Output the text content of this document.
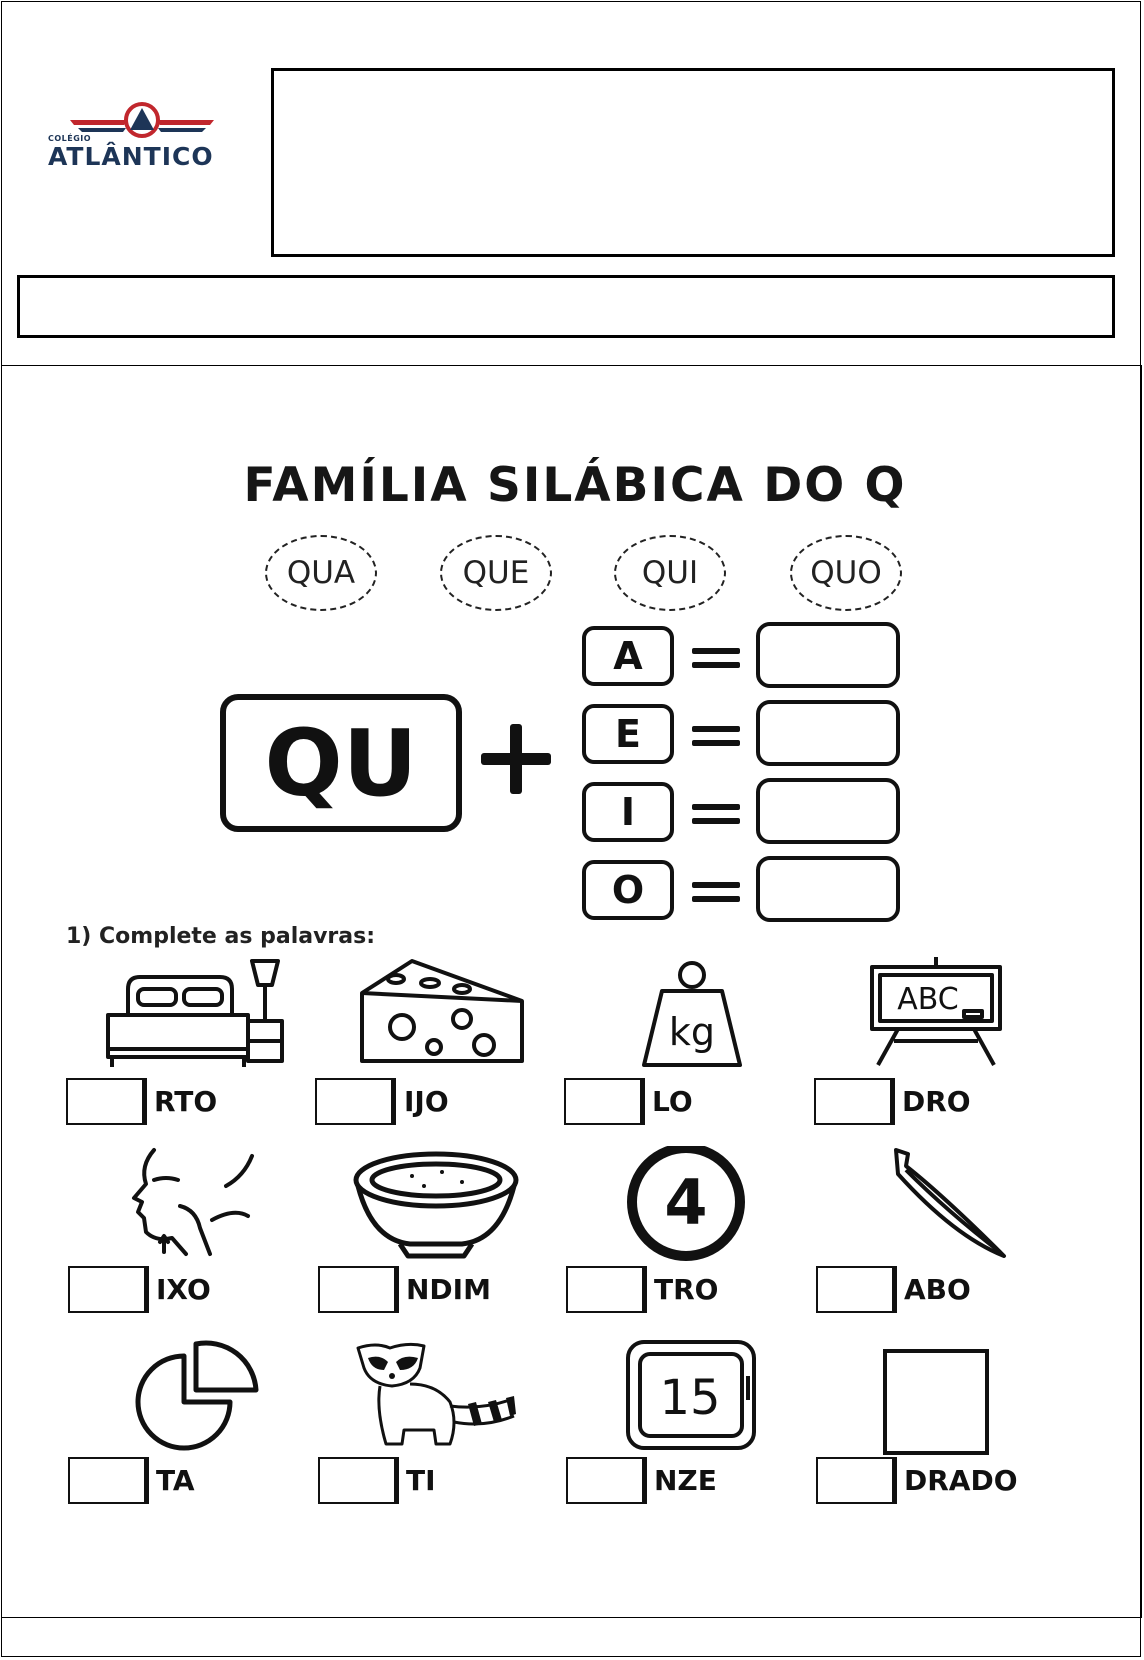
COLÉGIO
ATLÂNTICO
FAMÍLIA SILÁBICA DO Q
QUA	QUE	QUI	QUO
QU
A
E
I
O
1) Complete as palavras:
kg
ABC
RTO	IJO	LO	DRO
4
IXO	NDIM	TRO	ABO
15
TA	TI	NZE	DRADO
